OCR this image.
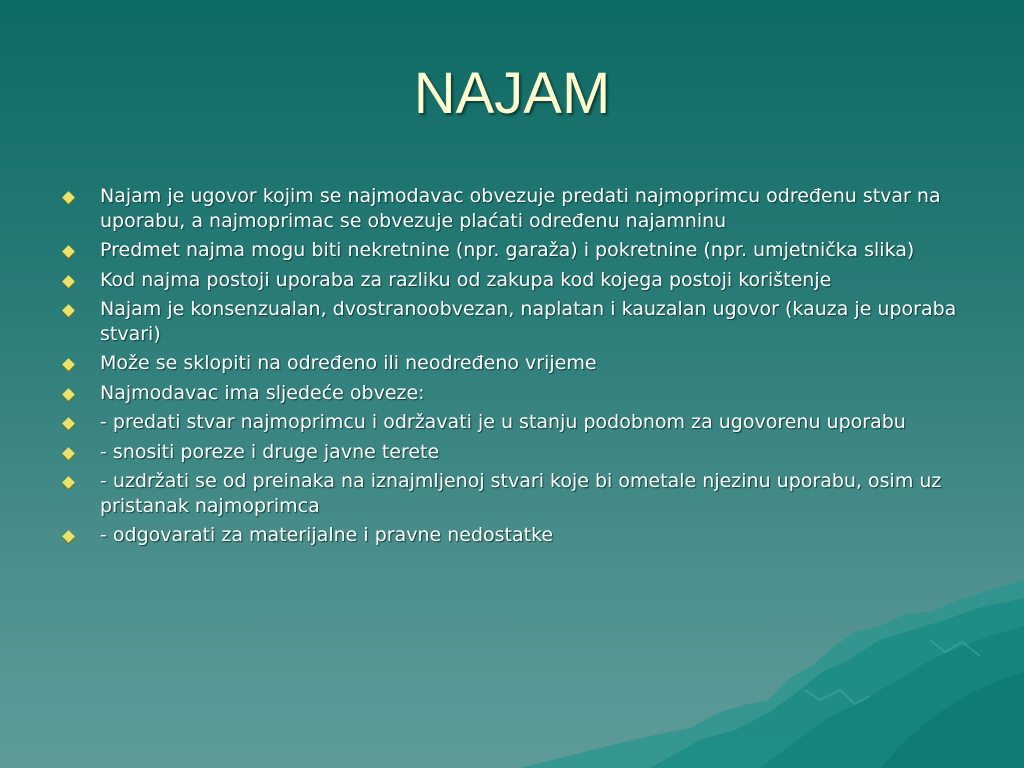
NAJAM
Najam je ugovor kojim se najmodavac obvezuje predati najmoprimcu određenu stvar na uporabu, a najmoprimac se obvezuje plaćati određenu najamninu
Predmet najma mogu biti nekretnine (npr. garaža) i pokretnine (npr. umjetnička slika)
Kod najma postoji uporaba za razliku od zakupa kod kojega postoji korištenje
Najam je konsenzualan, dvostranoobvezan, naplatan i kauzalan ugovor (kauza je uporaba stvari)
Može se sklopiti na određeno ili neodređeno vrijeme
Najmodavac ima sljedeće obveze:
- predati stvar najmoprimcu i održavati je u stanju podobnom za ugovorenu uporabu
- snositi poreze i druge javne terete
- uzdržati se od preinaka na iznajmljenoj stvari koje bi ometale njezinu uporabu, osim uz pristanak najmoprimca
- odgovarati za materijalne i pravne nedostatke
